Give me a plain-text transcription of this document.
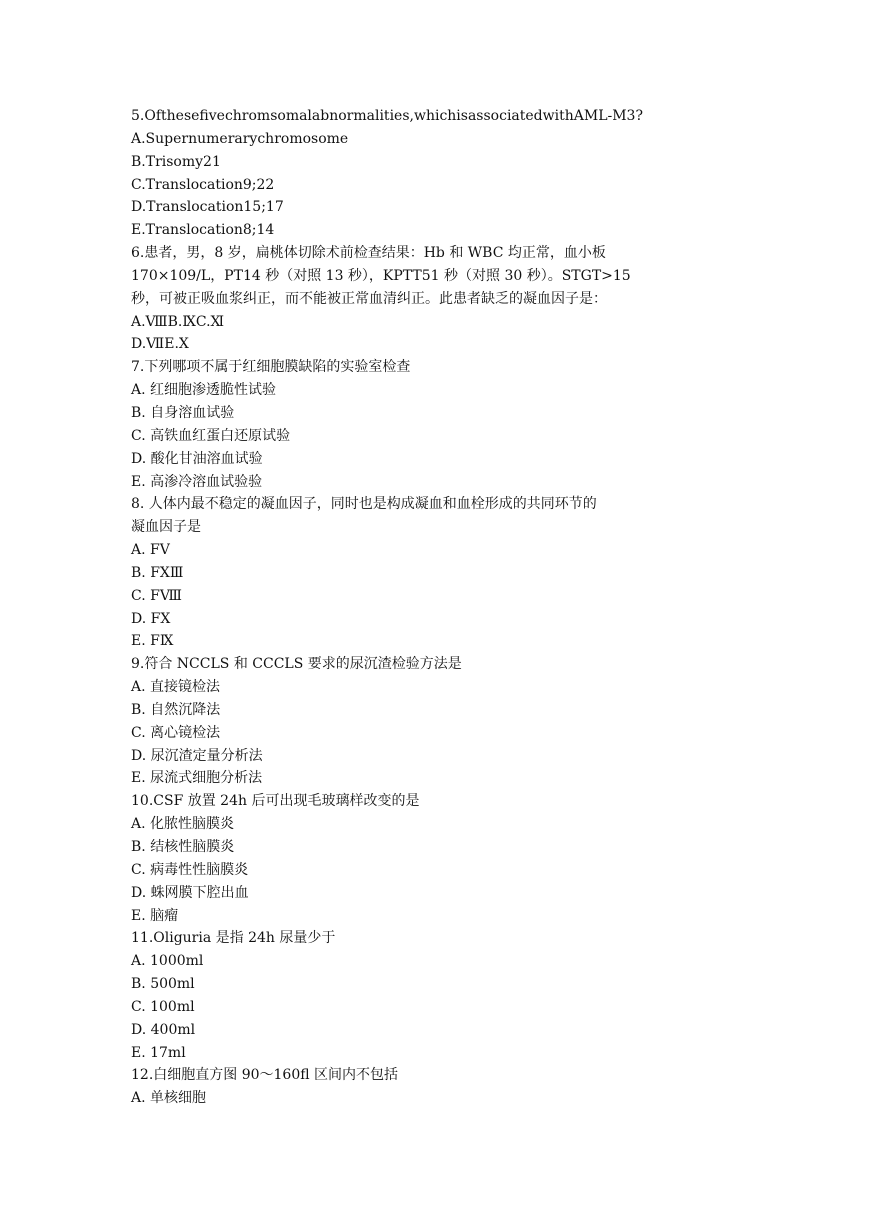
5.Ofthesefivechromsomalabnormalities,whichisassociatedwithAML-M3?
A.Supernumerarychromosome
B.Trisomy21
C.Translocation9;22
D.Translocation15;17
E.Translocation8;14
6.患者，男，8 岁，扁桃体切除术前检查结果：Hb 和 WBC 均正常，血小板
170×109/L，PT14 秒（对照 13 秒），KPTT51 秒（对照 30 秒）。STGT>15
秒，可被正吸血浆纠正，而不能被正常血清纠正。此患者缺乏的凝血因子是：
A.ⅧB.ⅨC.Ⅺ
D.ⅦE.Ⅹ
7.下列哪项不属于红细胞膜缺陷的实验室检查
A. 红细胞渗透脆性试验
B. 自身溶血试验
C. 高铁血红蛋白还原试验
D. 酸化甘油溶血试验
E. 高渗冷溶血试验验
8. 人体内最不稳定的凝血因子，同时也是构成凝血和血栓形成的共同环节的
凝血因子是
A. FⅤ
B. FⅩⅢ
C. FⅧ
D. FⅩ
E. FⅨ
9.符合 NCCLS 和 CCCLS 要求的尿沉渣检验方法是
A. 直接镜检法
B. 自然沉降法
C. 离心镜检法
D. 尿沉渣定量分析法
E. 尿流式细胞分析法
10.CSF 放置 24h 后可出现毛玻璃样改变的是
A. 化脓性脑膜炎
B. 结核性脑膜炎
C. 病毒性性脑膜炎
D. 蛛网膜下腔出血
E. 脑瘤
11.Oliguria 是指 24h 尿量少于
A. 1000ml
B. 500ml
C. 100ml
D. 400ml
E. 17ml
12.白细胞直方图 90～160fl 区间内不包括
A. 单核细胞
